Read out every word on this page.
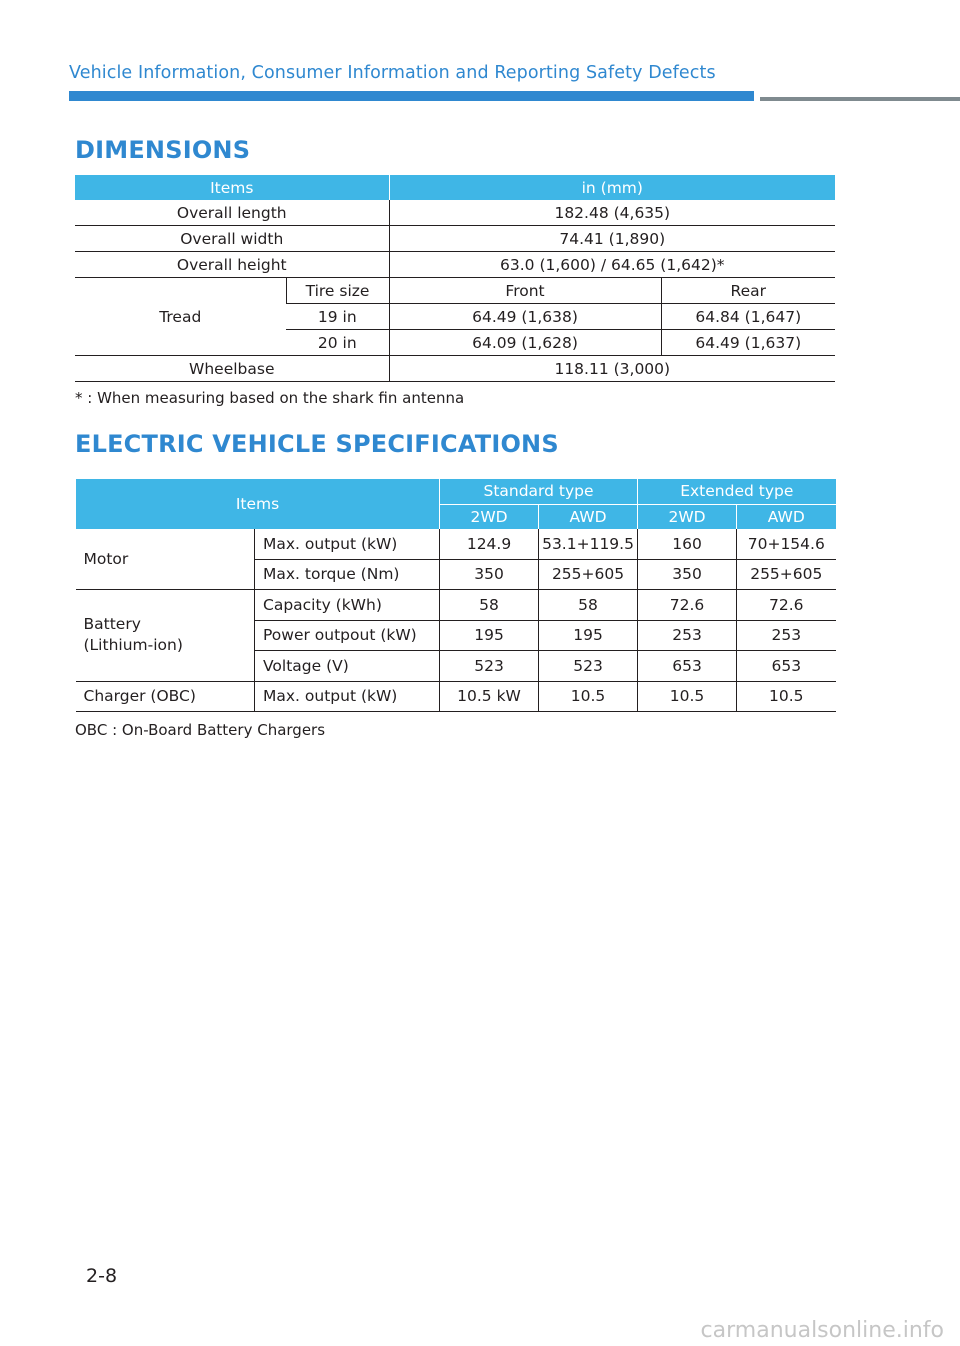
Vehicle Information, Consumer Information and Reporting Safety Defects
DIMENSIONS
Items		in (mm)	
Overall length		182.48 (4,635)	
Overall width		74.41 (1,890)	
Overall height		63.0 (1,600) / 64.65 (1,642)*	
Tread	Tire size	Front	Rear
	19 in	64.49 (1,638)	64.84 (1,647)
	20 in	64.09 (1,628)	64.49 (1,637)
Wheelbase		118.11 (3,000)	
* : When measuring based on the shark fin antenna
ELECTRIC VEHICLE SPECIFICATIONS
Items		Standard type		Extended type	
		2WD	AWD	2WD	AWD
Motor	Max. output (kW)	124.9	53.1+119.5	160	70+154.6
	Max. torque (Nm)	350	255+605	350	255+605
Battery
(Lithium-ion)	Capacity (kWh)	58	58	72.6	72.6
	Power outpout (kW)	195	195	253	253
	Voltage (V)	523	523	653	653
Charger (OBC)	Max. output (kW)	10.5 kW	10.5	10.5	10.5
OBC : On-Board Battery Chargers
2-8
carmanualsonline.info
